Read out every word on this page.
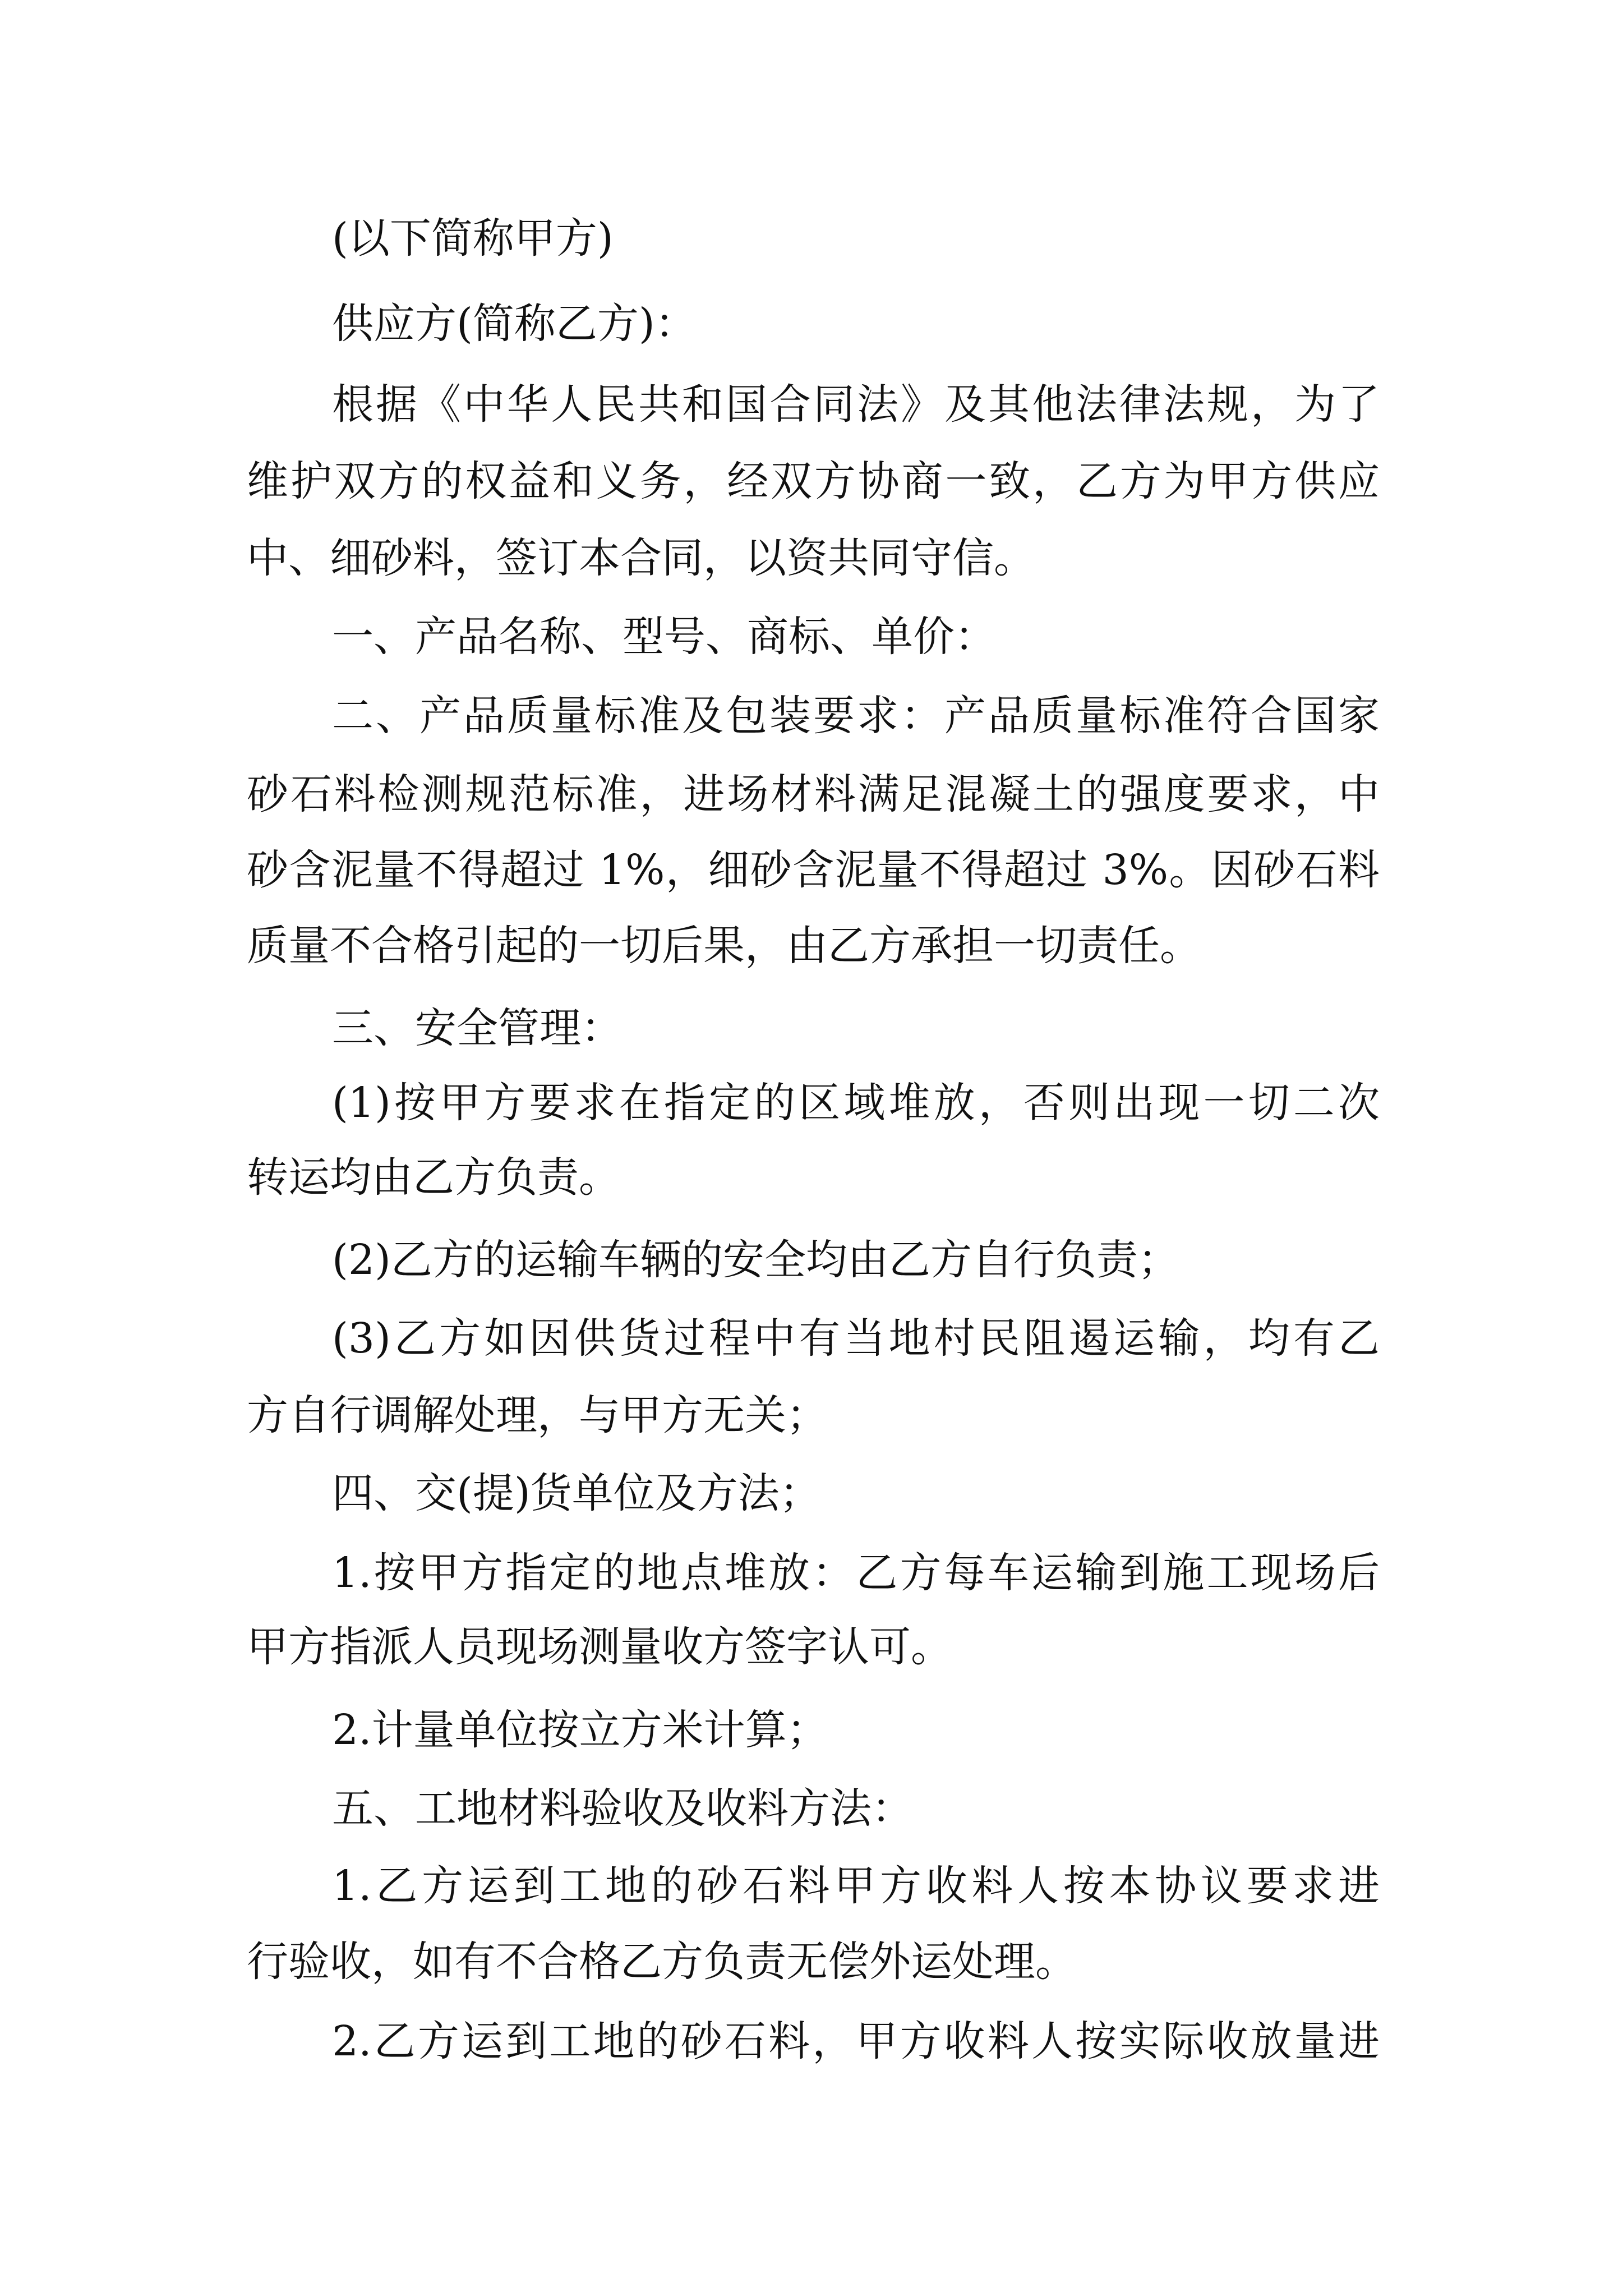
(以下简称甲方)
供应方(简称乙方)：
根据《中华人民共和国合同法》及其他法律法规，为了
维护双方的权益和义务，经双方协商一致，乙方为甲方供应
中、细砂料，签订本合同，以资共同守信。
一、产品名称、型号、商标、单价：
二、产品质量标准及包装要求：产品质量标准符合国家
砂石料检测规范标准，进场材料满足混凝土的强度要求，中
砂含泥量不得超过 1%，细砂含泥量不得超过 3%。因砂石料
质量不合格引起的一切后果，由乙方承担一切责任。
三、安全管理：
(1)按甲方要求在指定的区域堆放，否则出现一切二次
转运均由乙方负责。
(2)乙方的运输车辆的安全均由乙方自行负责；
(3)乙方如因供货过程中有当地村民阻遏运输，均有乙
方自行调解处理，与甲方无关；
四、交(提)货单位及方法；
1.按甲方指定的地点堆放：乙方每车运输到施工现场后
甲方指派人员现场测量收方签字认可。
2.计量单位按立方米计算；
五、工地材料验收及收料方法：
1.乙方运到工地的砂石料甲方收料人按本协议要求进
行验收，如有不合格乙方负责无偿外运处理。
2.乙方运到工地的砂石料，甲方收料人按实际收放量进
